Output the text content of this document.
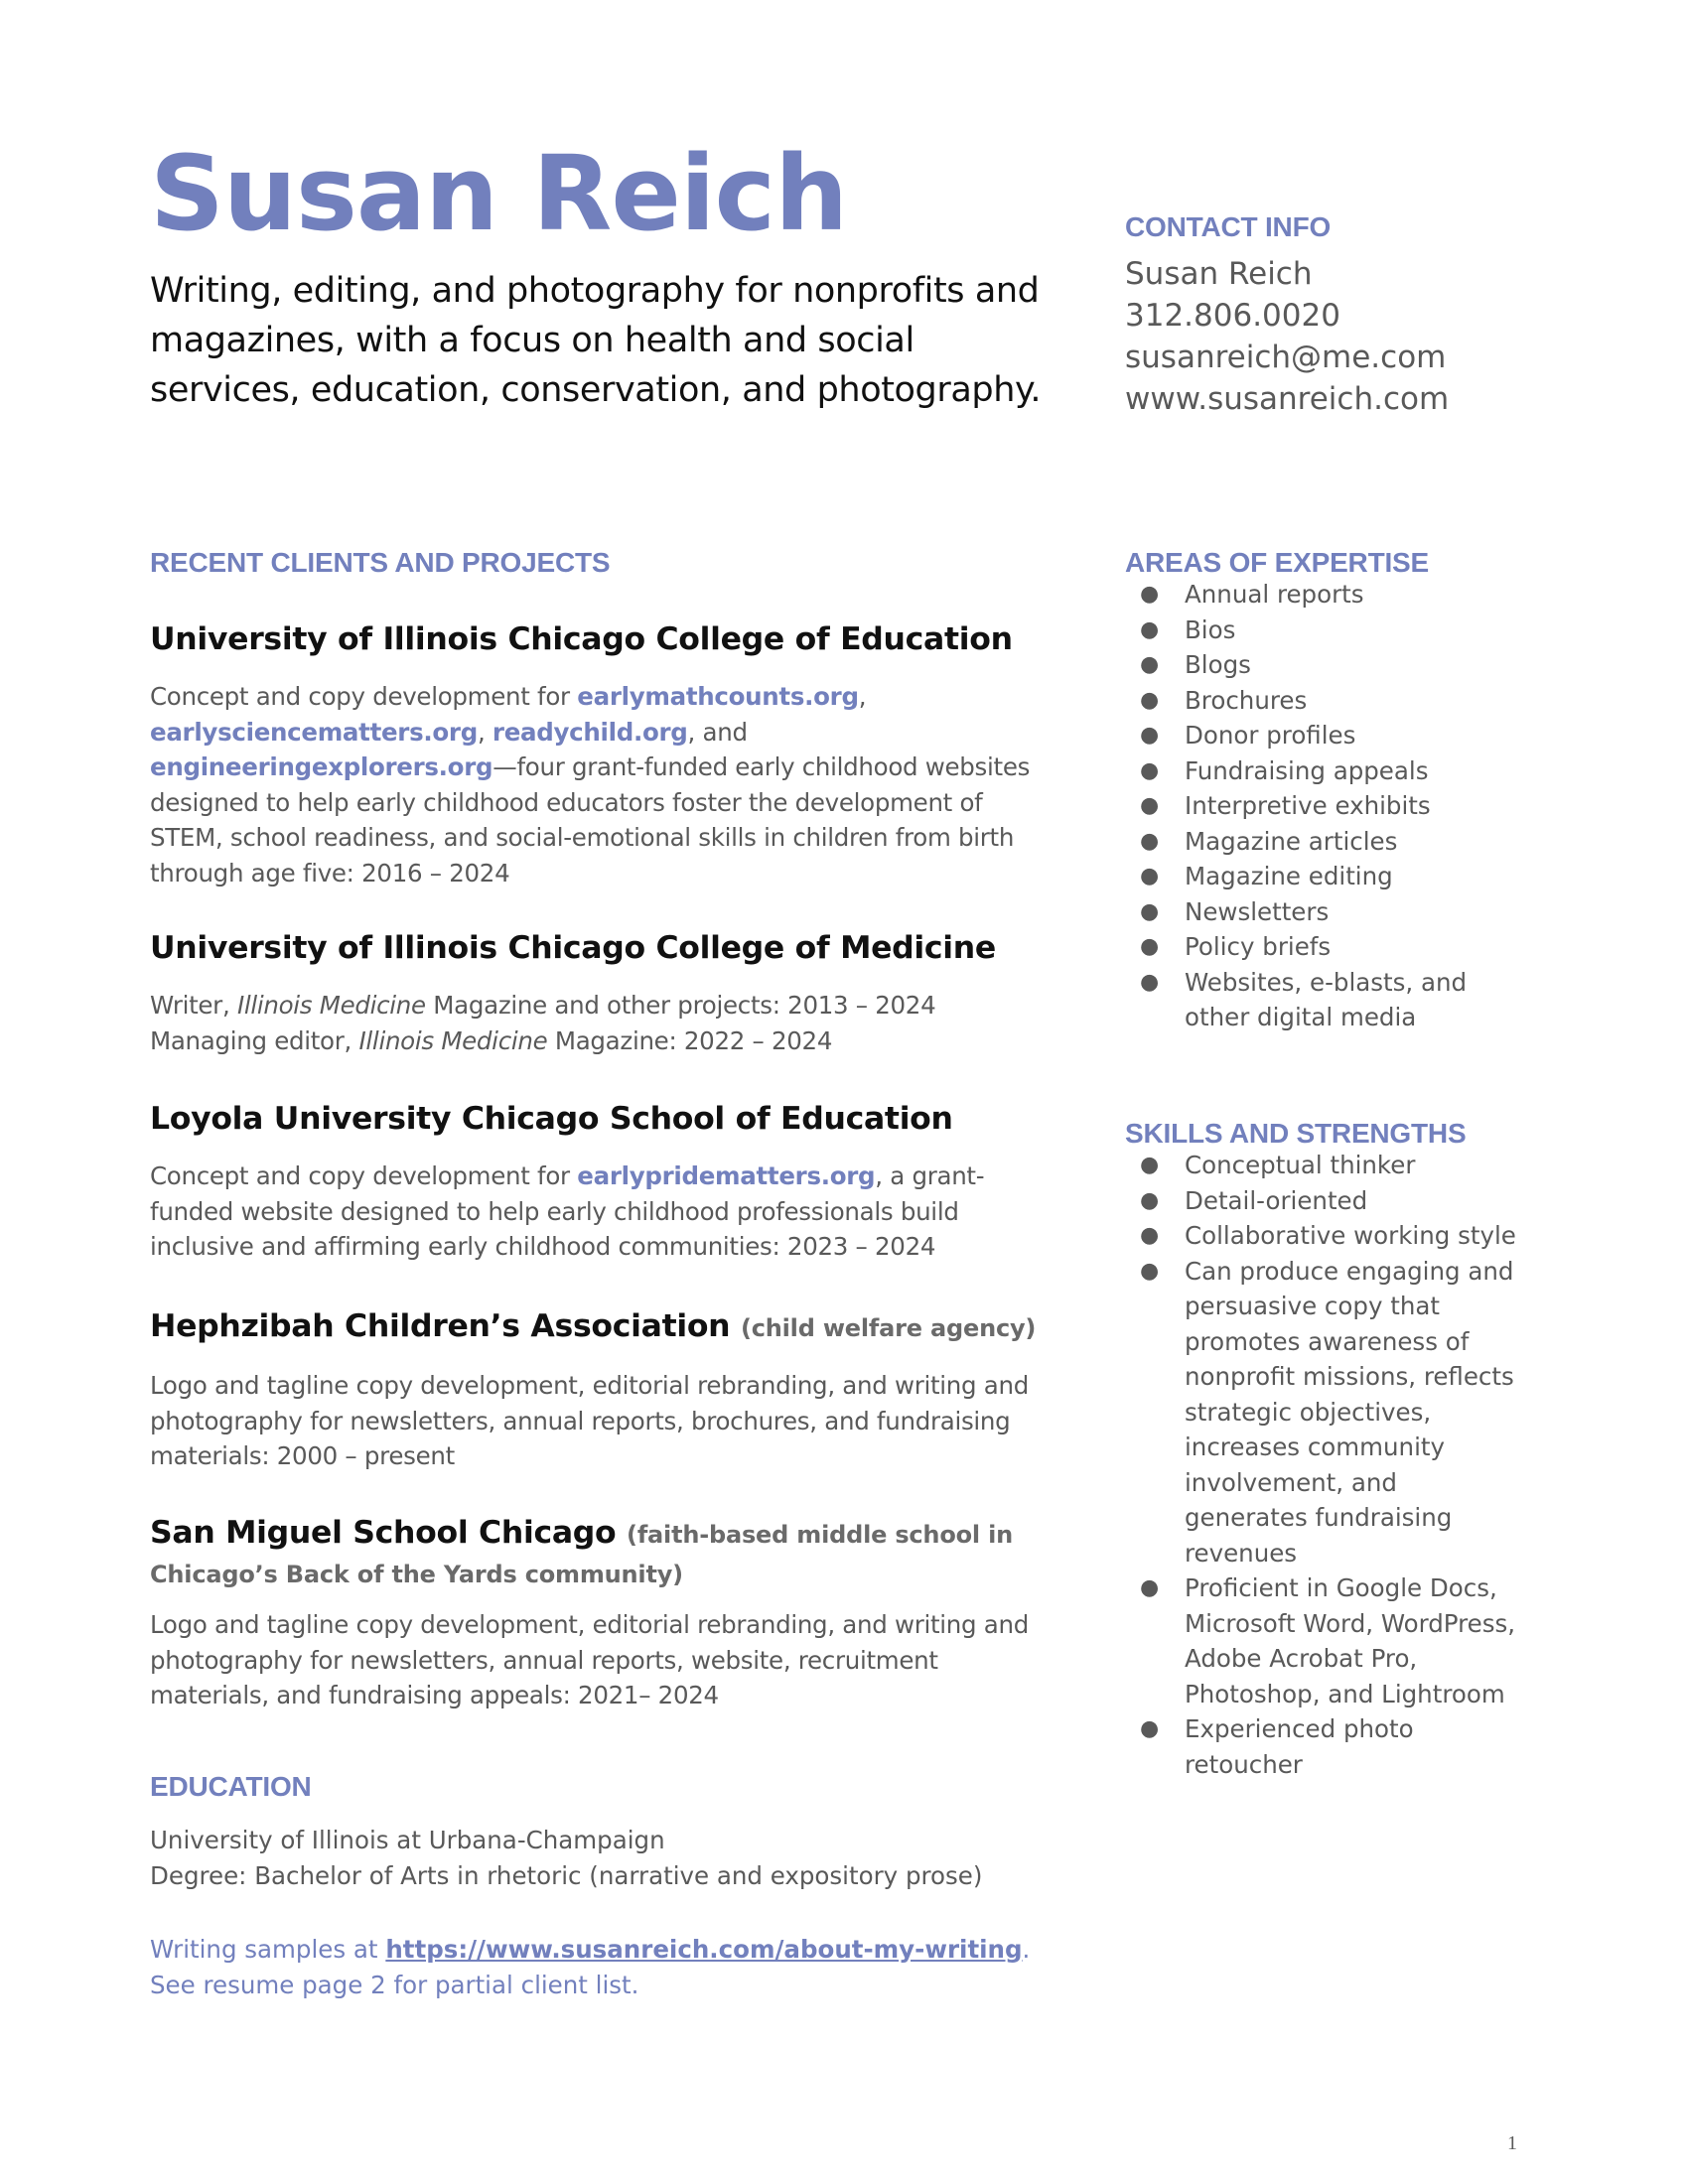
Susan Reich

Writing, editing, and photography for nonprofits and magazines, with a focus on health and social services, education, conservation, and photography.

RECENT CLIENTS AND PROJECTS
University of Illinois Chicago College of Education

Concept and copy development for earlymathcounts.org,
earlysciencematters.org, readychild.org, and
engineeringexplorers.org—four grant-funded early childhood websites designed to help early childhood educators foster the development of STEM, school readiness, and social-emotional skills in children from birth through age five: 2016 – 2024

University of Illinois Chicago College of Medicine

Writer, Illinois Medicine Magazine and other projects: 2013 – 2024
Managing editor, Illinois Medicine Magazine: 2022 – 2024

Loyola University Chicago School of Education

Concept and copy development for earlypridematters.org, a grant-funded website designed to help early childhood professionals build inclusive and affirming early childhood communities: 2023 – 2024

Hephzibah Children’s Association (child welfare agency)

Logo and tagline copy development, editorial rebranding, and writing and photography for newsletters, annual reports, brochures, and fundraising materials: 2000 – present

San Miguel School Chicago (faith-based middle school in Chicago’s Back of the Yards community)

Logo and tagline copy development, editorial rebranding, and writing and photography for newsletters, annual reports, website, recruitment materials, and fundraising appeals: 2021– 2024

EDUCATION
University of Illinois at Urbana-Champaign
Degree: Bachelor of Arts in rhetoric (narrative and expository prose)
Writing samples at https://www.susanreich.com/about-my-writing.
See resume page 2 for partial client list.
CONTACT INFO
Susan Reich
312.806.0020
susanreich@me.com
www.susanreich.com
AREAS OF EXPERTISE
● Annual reports
● Bios
● Blogs
● Brochures
● Donor profiles
● Fundraising appeals
● Interpretive exhibits
● Magazine articles
● Magazine editing
● Newsletters
● Policy briefs
● Websites, e-blasts, and other digital media
SKILLS AND STRENGTHS
● Conceptual thinker
● Detail-oriented
● Collaborative working style
● Can produce engaging and persuasive copy that promotes awareness of nonprofit missions, reflects strategic objectives, increases community involvement, and generates fundraising revenues
● Proficient in Google Docs, Microsoft Word, WordPress, Adobe Acrobat Pro, Photoshop, and Lightroom
● Experienced photo retoucher
1
